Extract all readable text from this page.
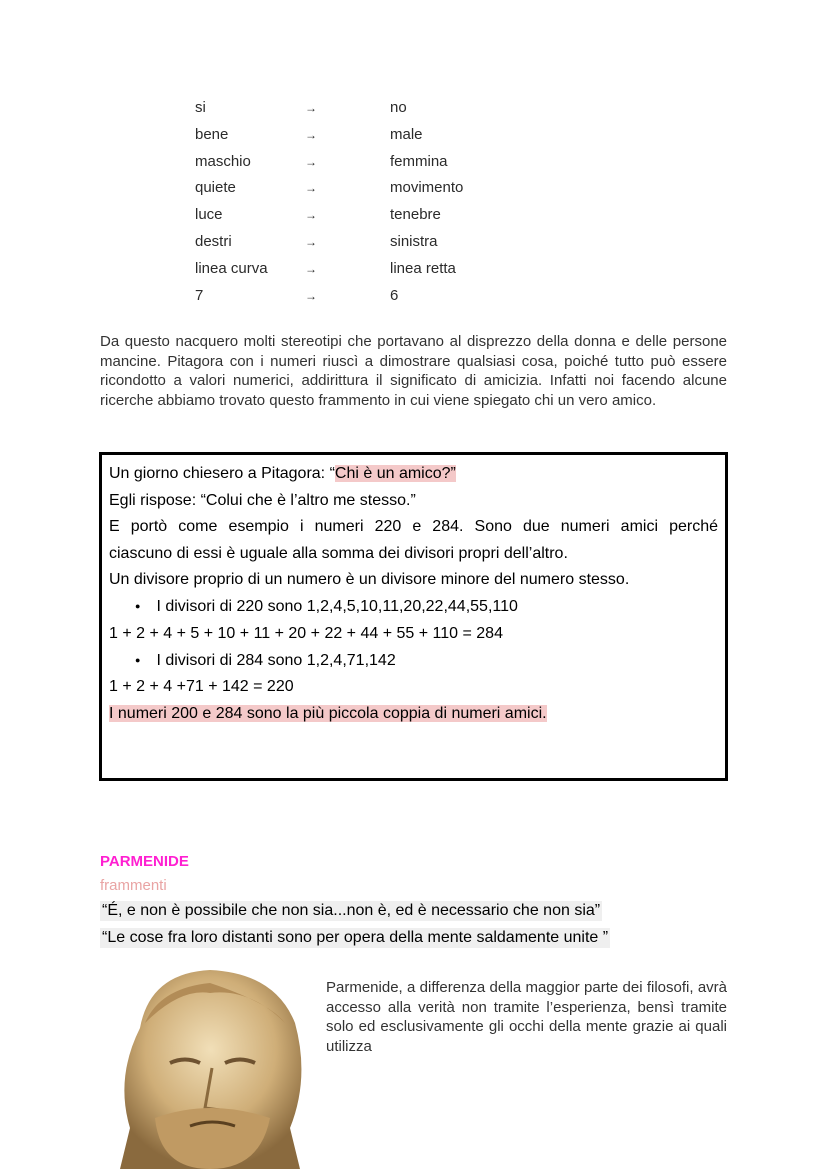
si	→	no
bene	→	male
maschio	→	femmina
quiete	→	movimento
luce	→	tenebre
destri	→	sinistra
linea curva	→	linea retta
7	→	6
Da questo nacquero molti stereotipi che portavano al disprezzo della donna e delle persone mancine. Pitagora con i numeri riuscì a dimostrare qualsiasi cosa, poiché tutto può essere ricondotto a valori numerici, addirittura il significato di amicizia. Infatti noi facendo alcune ricerche abbiamo trovato questo frammento in cui viene spiegato chi un vero amico.
Un giorno chiesero a Pitagora: “Chi è un amico?”
Egli rispose: “Colui che è l’altro me stesso.”
E portò come esempio i numeri 220 e 284. Sono due numeri amici perché
ciascuno di essi è uguale alla somma dei divisori propri dell’altro.
Un divisore proprio di un numero è un divisore minore del numero stesso.
● I divisori di 220 sono 1,2,4,5,10,11,20,22,44,55,110
1 + 2 + 4 + 5 + 10 + 11 + 20 + 22 + 44 + 55 + 110 = 284
● I divisori di 284 sono 1,2,4,71,142
1 + 2 + 4 +71 + 142 = 220
I numeri 200 e 284 sono la più piccola coppia di numeri amici.
PARMENIDE
frammenti
“É, e non è possibile che non sia...non è, ed è necessario che non sia”
“Le cose fra loro distanti sono per opera della mente saldamente unite ”
Parmenide, a differenza della maggior parte dei filosofi, avrà accesso alla verità non tramite l’esperienza, bensì tramite solo ed esclusivamente gli occhi della mente grazie ai quali utilizza
